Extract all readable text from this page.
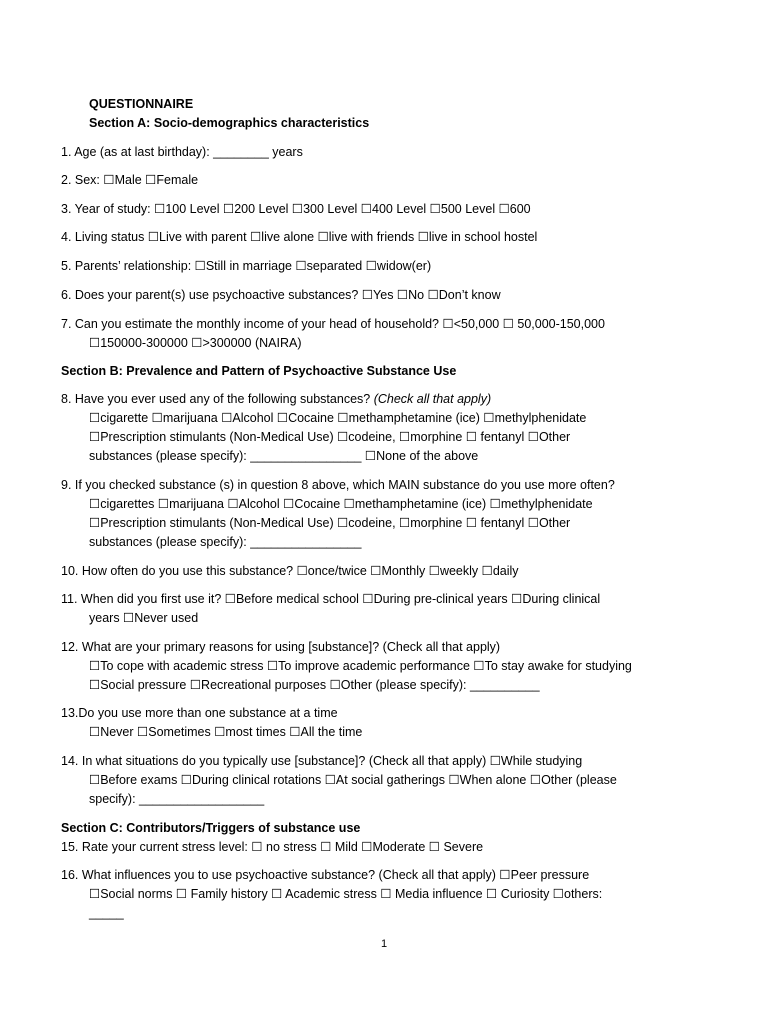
QUESTIONNAIRE
Section A: Socio-demographics characteristics
1. Age (as at last birthday): ________ years
2. Sex: ☐Male ☐Female
3. Year of study: ☐100 Level ☐200 Level ☐300 Level ☐400 Level ☐500 Level ☐600
4. Living status ☐Live with parent ☐live alone ☐live with friends ☐live in school hostel
5. Parents’ relationship: ☐Still in marriage ☐separated ☐widow(er)
6. Does your parent(s) use psychoactive substances? ☐Yes ☐No ☐Don’t know
7. Can you estimate the monthly income of your head of household? ☐<50,000 ☐ 50,000-150,000
☐150000-300000 ☐>300000 (NAIRA)
Section B: Prevalence and Pattern of Psychoactive Substance Use
8. Have you ever used any of the following substances? (Check all that apply)
☐cigarette ☐marijuana ☐Alcohol ☐Cocaine ☐methamphetamine (ice) ☐methylphenidate
☐Prescription stimulants (Non-Medical Use) ☐codeine, ☐morphine ☐ fentanyl ☐Other
substances (please specify): ________________ ☐None of the above
9. If you checked substance (s) in question 8 above, which MAIN substance do you use more often?
☐cigarettes ☐marijuana ☐Alcohol ☐Cocaine ☐methamphetamine (ice) ☐methylphenidate
☐Prescription stimulants (Non-Medical Use) ☐codeine, ☐morphine ☐ fentanyl ☐Other
substances (please specify): ________________
10. How often do you use this substance? ☐once/twice ☐Monthly ☐weekly ☐daily
11. When did you first use it? ☐Before medical school ☐During pre-clinical years ☐During clinical
years ☐Never used
12. What are your primary reasons for using [substance]? (Check all that apply)
☐To cope with academic stress ☐To improve academic performance ☐To stay awake for studying
☐Social pressure ☐Recreational purposes ☐Other (please specify): __________
13.Do you use more than one substance at a time
☐Never ☐Sometimes ☐most times ☐All the time
14. In what situations do you typically use [substance]? (Check all that apply) ☐While studying
☐Before exams ☐During clinical rotations ☐At social gatherings ☐When alone ☐Other (please
specify): __________________
Section C: Contributors/Triggers of substance use
15. Rate your current stress level: ☐ no stress ☐ Mild ☐Moderate ☐ Severe
16. What influences you to use psychoactive substance? (Check all that apply) ☐Peer pressure
☐Social norms ☐ Family history ☐ Academic stress ☐ Media influence ☐ Curiosity ☐others:
_____
1
